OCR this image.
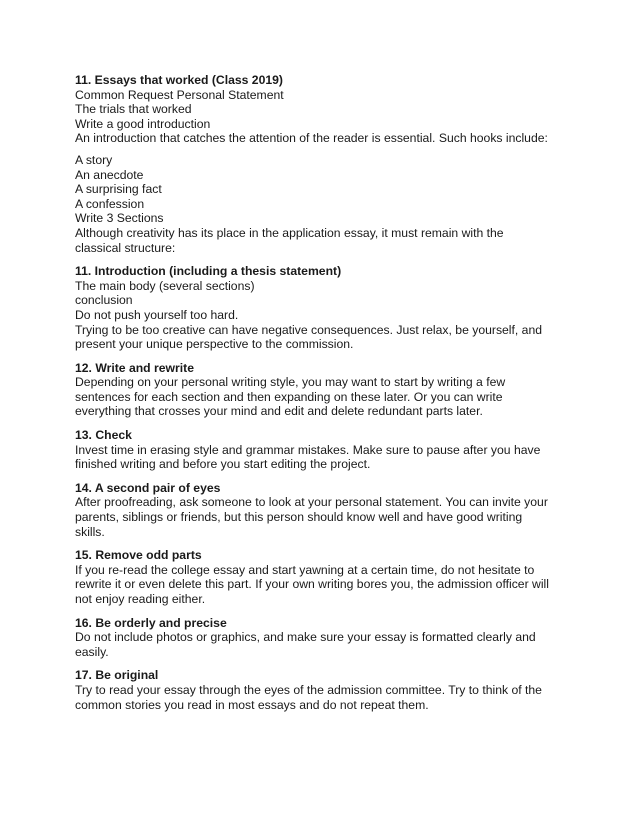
11. Essays that worked (Class 2019)
Common Request Personal Statement
The trials that worked
Write a good introduction
An introduction that catches the attention of the reader is essential. Such hooks include:
A story
An anecdote
A surprising fact
A confession
Write 3 Sections
Although creativity has its place in the application essay, it must remain with the
classical structure:
11. Introduction (including a thesis statement)
The main body (several sections)
conclusion
Do not push yourself too hard.
Trying to be too creative can have negative consequences. Just relax, be yourself, and
present your unique perspective to the commission.
12. Write and rewrite
Depending on your personal writing style, you may want to start by writing a few
sentences for each section and then expanding on these later. Or you can write
everything that crosses your mind and edit and delete redundant parts later.
13. Check
Invest time in erasing style and grammar mistakes. Make sure to pause after you have
finished writing and before you start editing the project.
14. A second pair of eyes
After proofreading, ask someone to look at your personal statement. You can invite your
parents, siblings or friends, but this person should know well and have good writing
skills.
15. Remove odd parts
If you re-read the college essay and start yawning at a certain time, do not hesitate to
rewrite it or even delete this part. If your own writing bores you, the admission officer will
not enjoy reading either.
16. Be orderly and precise
Do not include photos or graphics, and make sure your essay is formatted clearly and
easily.
17. Be original
Try to read your essay through the eyes of the admission committee. Try to think of the
common stories you read in most essays and do not repeat them.
